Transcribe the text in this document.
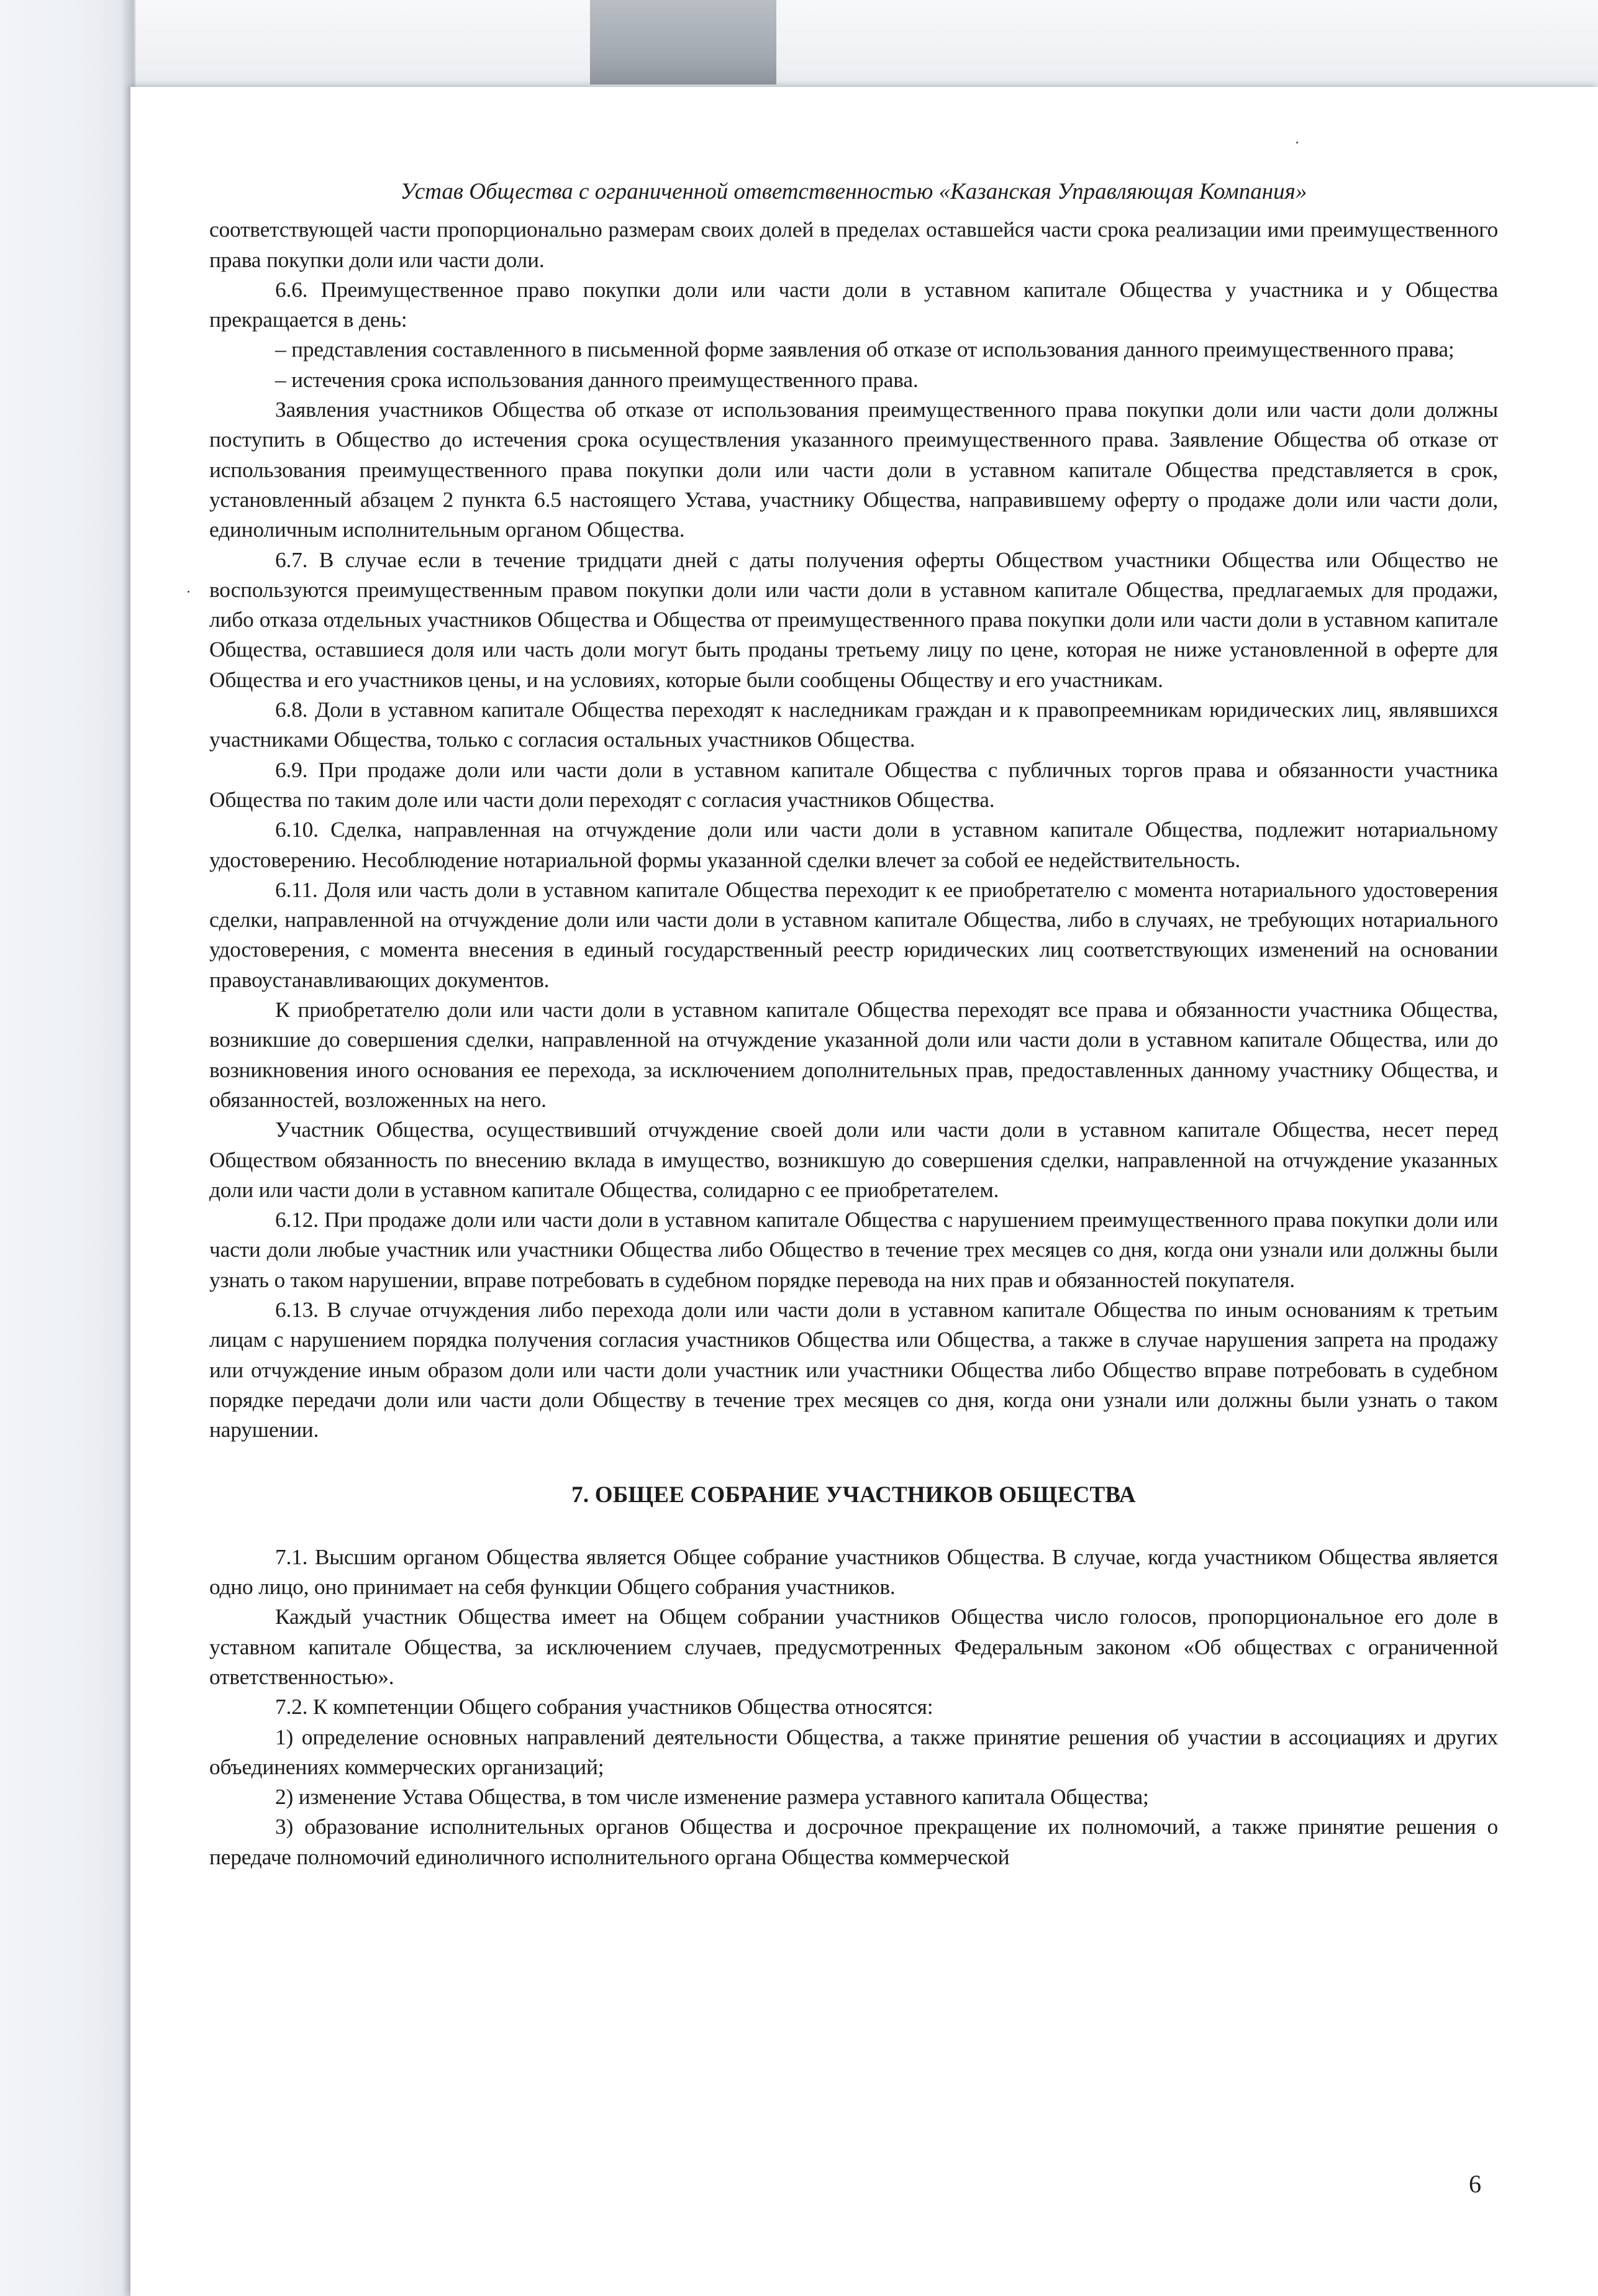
Устав Общества с ограниченной ответственностью «Казанская Управляющая Компания»

соответствующей части пропорционально размерам своих долей в пределах оставшейся части срока реализации ими преимущественного права покупки доли или части доли.

6.6. Преимущественное право покупки доли или части доли в уставном капитале Общества у участника и у Общества прекращается в день:

– представления составленного в письменной форме заявления об отказе от использования данного преимущественного права;

– истечения срока использования данного преимущественного права.

Заявления участников Общества об отказе от использования преимущественного права покупки доли или части доли должны поступить в Общество до истечения срока осуществления указанного преимущественного права. Заявление Общества об отказе от использования преимущественного права покупки доли или части доли в уставном капитале Общества представляется в срок, установленный абзацем 2 пункта 6.5 настоящего Устава, участнику Общества, направившему оферту о продаже доли или части доли, единоличным исполнительным органом Общества.

6.7. В случае если в течение тридцати дней с даты получения оферты Обществом участники Общества или Общество не воспользуются преимущественным правом покупки доли или части доли в уставном капитале Общества, предлагаемых для продажи, либо отказа отдельных участников Общества и Общества от преимущественного права покупки доли или части доли в уставном капитале Общества, оставшиеся доля или часть доли могут быть проданы третьему лицу по цене, которая не ниже установленной в оферте для Общества и его участников цены, и на условиях, которые были сообщены Обществу и его участникам.

6.8. Доли в уставном капитале Общества переходят к наследникам граждан и к правопреемникам юридических лиц, являвшихся участниками Общества, только с согласия остальных участников Общества.

6.9. При продаже доли или части доли в уставном капитале Общества с публичных торгов права и обязанности участника Общества по таким доле или части доли переходят с согласия участников Общества.

6.10. Сделка, направленная на отчуждение доли или части доли в уставном капитале Общества, подлежит нотариальному удостоверению. Несоблюдение нотариальной формы указанной сделки влечет за собой ее недействительность.

6.11. Доля или часть доли в уставном капитале Общества переходит к ее приобретателю с момента нотариального удостоверения сделки, направленной на отчуждение доли или части доли в уставном капитале Общества, либо в случаях, не требующих нотариального удостоверения, с момента внесения в единый государственный реестр юридических лиц соответствующих изменений на основании правоустанавливающих документов.

К приобретателю доли или части доли в уставном капитале Общества переходят все права и обязанности участника Общества, возникшие до совершения сделки, направленной на отчуждение указанной доли или части доли в уставном капитале Общества, или до возникновения иного основания ее перехода, за исключением дополнительных прав, предоставленных данному участнику Общества, и обязанностей, возложенных на него.

Участник Общества, осуществивший отчуждение своей доли или части доли в уставном капитале Общества, несет перед Обществом обязанность по внесению вклада в имущество, возникшую до совершения сделки, направленной на отчуждение указанных доли или части доли в уставном капитале Общества, солидарно с ее приобретателем.

6.12. При продаже доли или части доли в уставном капитале Общества с нарушением преимущественного права покупки доли или части доли любые участник или участники Общества либо Общество в течение трех месяцев со дня, когда они узнали или должны были узнать о таком нарушении, вправе потребовать в судебном порядке перевода на них прав и обязанностей покупателя.

6.13. В случае отчуждения либо перехода доли или части доли в уставном капитале Общества по иным основаниям к третьим лицам с нарушением порядка получения согласия участников Общества или Общества, а также в случае нарушения запрета на продажу или отчуждение иным образом доли или части доли участник или участники Общества либо Общество вправе потребовать в судебном порядке передачи доли или части доли Обществу в течение трех месяцев со дня, когда они узнали или должны были узнать о таком нарушении.

7. ОБЩЕЕ СОБРАНИЕ УЧАСТНИКОВ ОБЩЕСТВА

7.1. Высшим органом Общества является Общее собрание участников Общества. В случае, когда участником Общества является одно лицо, оно принимает на себя функции Общего собрания участников.

Каждый участник Общества имеет на Общем собрании участников Общества число голосов, пропорциональное его доле в уставном капитале Общества, за исключением случаев, предусмотренных Федеральным законом «Об обществах с ограниченной ответственностью».

7.2. К компетенции Общего собрания участников Общества относятся:

1) определение основных направлений деятельности Общества, а также принятие решения об участии в ассоциациях и других объединениях коммерческих организаций;

2) изменение Устава Общества, в том числе изменение размера уставного капитала Общества;

3) образование исполнительных органов Общества и досрочное прекращение их полномочий, а также принятие решения о передаче полномочий единоличного исполнительного органа Общества коммерческой

6
